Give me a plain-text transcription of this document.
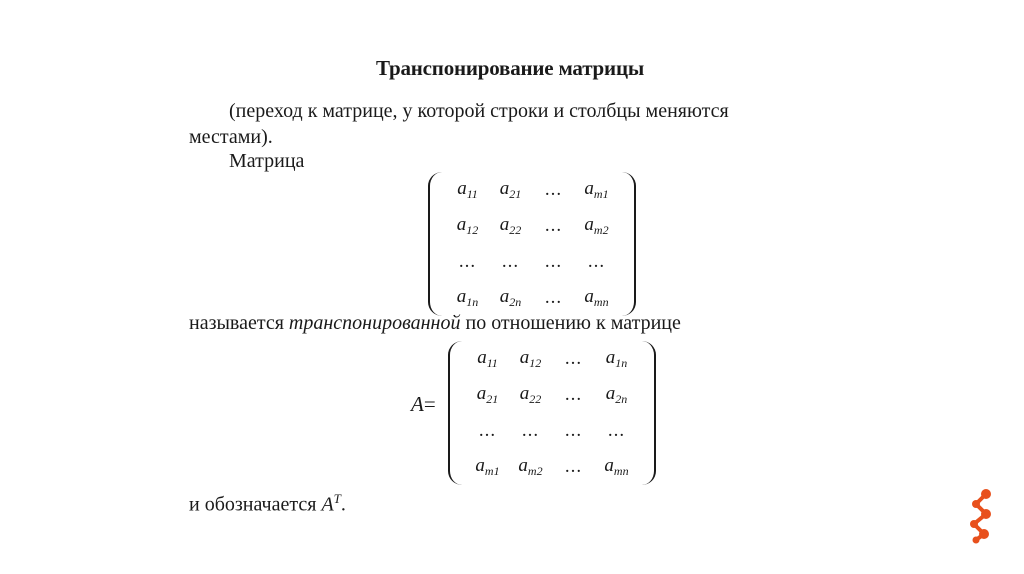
Транспонирование матрицы
(переход к матрице, у которой строки и столбцы меняются
местами).
Матрица
$a_{11}$ $a_{21}$ ... $a_{m1}$
$a_{12}$ $a_{22}$ ... $a_{m2}$
... ... ... ...
$a_{1n}$ $a_{2n}$ ... $a_{mn}$
называется транспонированной по отношению к матрице
A=
$a_{11}$ $a_{12}$ ... $a_{1n}$
$a_{21}$ $a_{22}$ ... $a_{2n}$
... ... ... ...
$a_{m1}$ $a_{m2}$ ... $a_{mn}$
и обозначается $A^T$.
